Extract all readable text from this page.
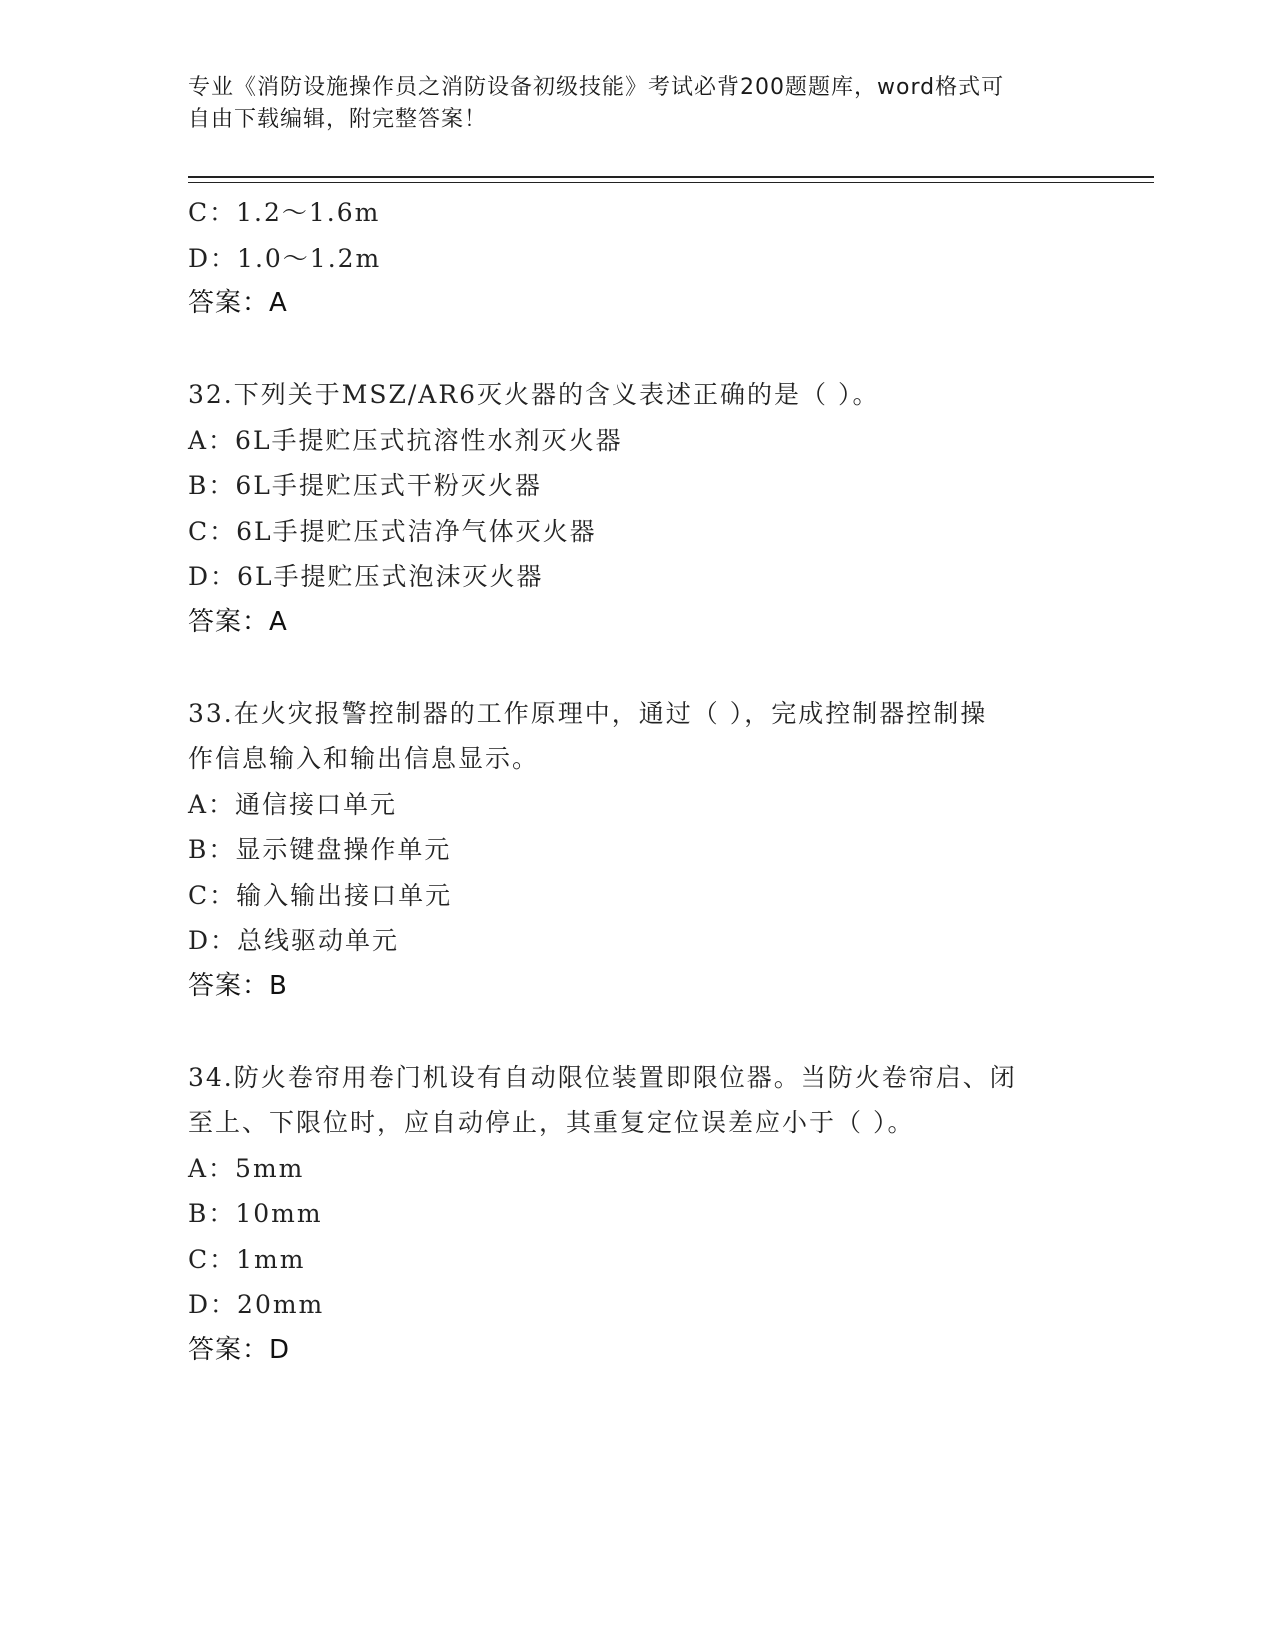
专业《消防设施操作员之消防设备初级技能》考试必背200题题库，word格式可
自由下载编辑，附完整答案！
C：1.2～1.6m
D：1.0～1.2m
答案：A
32.下列关于MSZ/AR6灭火器的含义表述正确的是（ ）。
A：6L手提贮压式抗溶性水剂灭火器
B：6L手提贮压式干粉灭火器
C：6L手提贮压式洁净气体灭火器
D：6L手提贮压式泡沫灭火器
答案：A
33.在火灾报警控制器的工作原理中，通过（ ），完成控制器控制操
作信息输入和输出信息显示。
A：通信接口单元
B：显示键盘操作单元
C：输入输出接口单元
D：总线驱动单元
答案：B
34.防火卷帘用卷门机设有自动限位装置即限位器。当防火卷帘启、闭
至上、下限位时，应自动停止，其重复定位误差应小于（ ）。
A：5mm
B：10mm
C：1mm
D：20mm
答案：D
